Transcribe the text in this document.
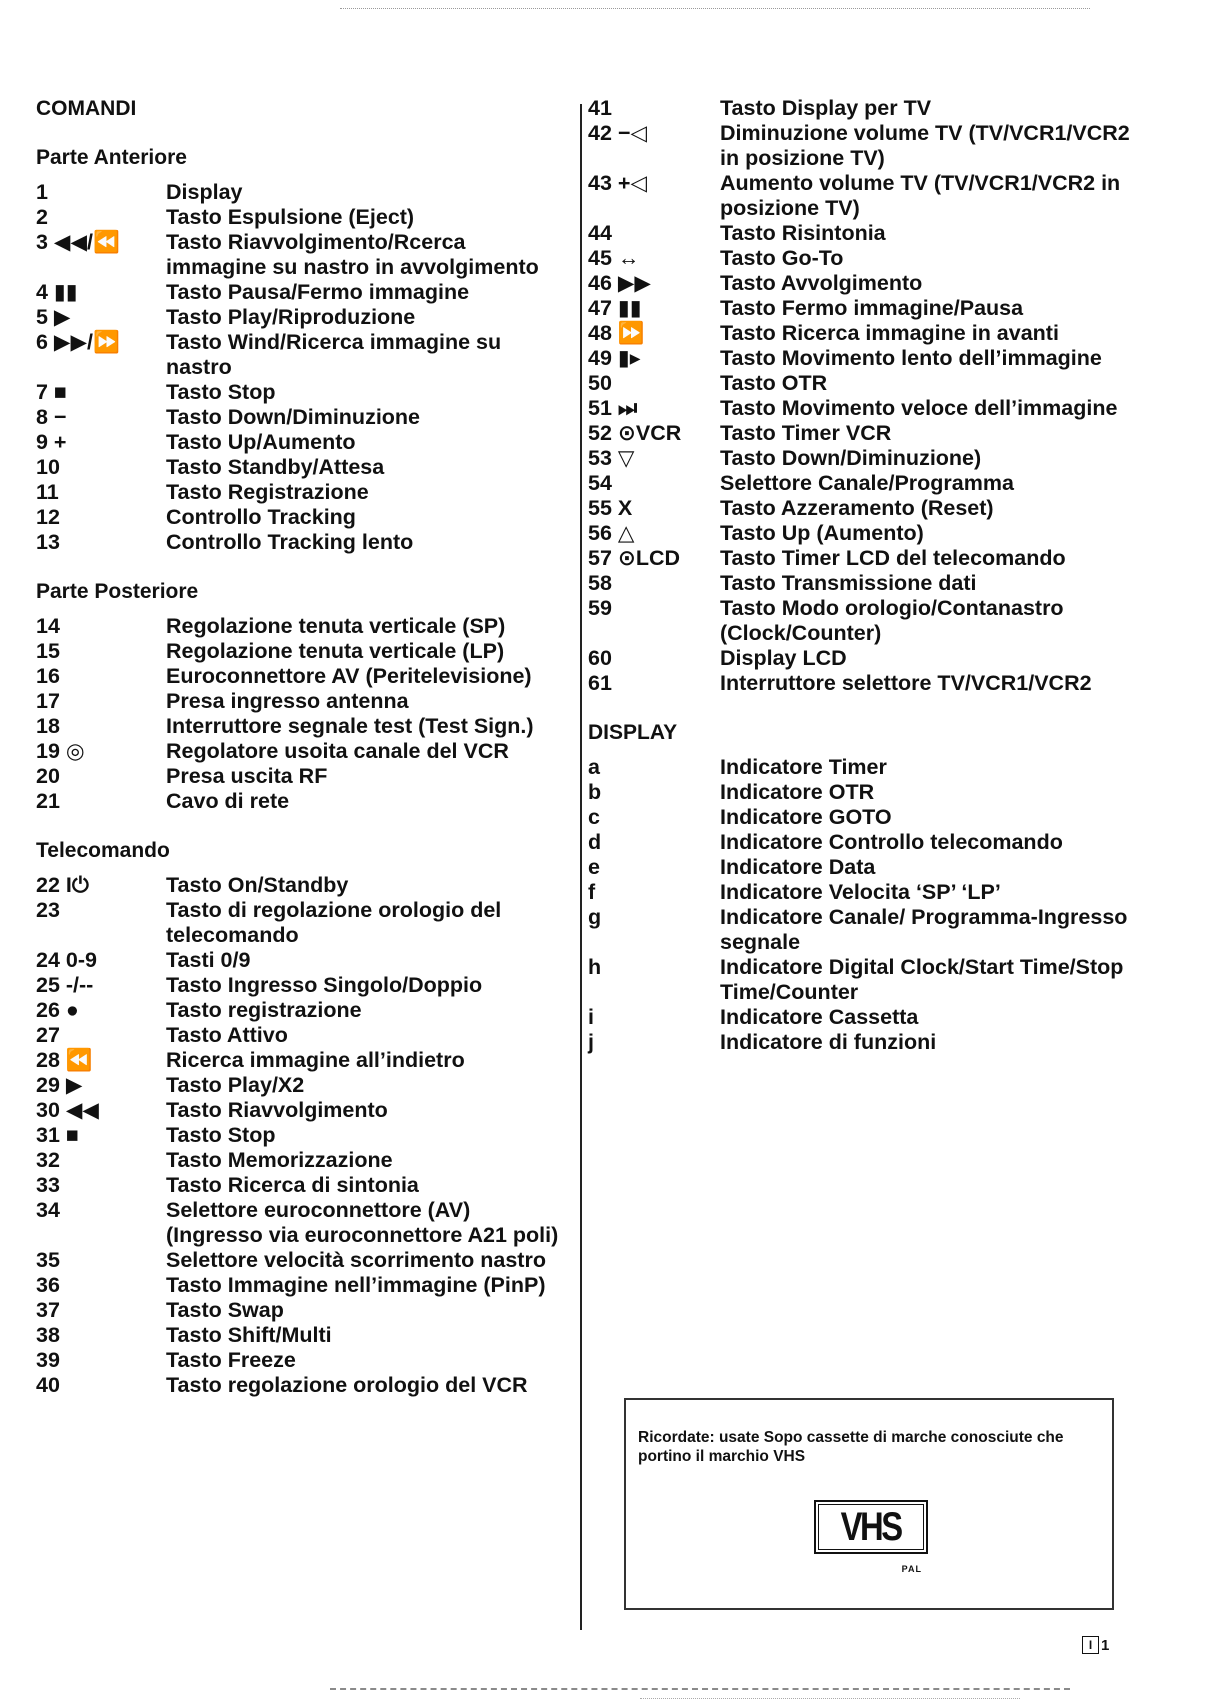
COMANDI
Parte Anteriore
1	Display
2	Tasto Espulsione (Eject)
3 ◀◀/⏪	Tasto Riavvolgimento/Rcerca immagine su nastro in avvolgimento
4 ▮▮	Tasto Pausa/Fermo immagine
5 ▶	Tasto Play/Riproduzione
6 ▶▶/⏩	Tasto Wind/Ricerca immagine su nastro
7 ■	Tasto Stop
8 −	Tasto Down/Diminuzione
9 +	Tasto Up/Aumento
10	Tasto Standby/Attesa
11	Tasto Registrazione
12	Controllo Tracking
13	Controllo Tracking lento
Parte Posteriore
14	Regolazione tenuta verticale (SP)
15	Regolazione tenuta verticale (LP)
16	Euroconnettore AV (Peritelevisione)
17	Presa ingresso antenna
18	Interruttore segnale test (Test Sign.)
19 ◎	Regolatore usoita canale del VCR
20	Presa uscita RF
21	Cavo di rete
Telecomando
22 I⏻	Tasto On/Standby
23	Tasto di regolazione orologio del telecomando
24 0-9	Tasti 0/9
25 -/--	Tasto Ingresso Singolo/Doppio
26 ●	Tasto registrazione
27	Tasto Attivo
28 ⏪	Ricerca immagine all’indietro
29 ▶	Tasto Play/X2
30 ◀◀	Tasto Riavvolgimento
31 ■	Tasto Stop
32	Tasto Memorizzazione
33	Tasto Ricerca di sintonia
34	Selettore euroconnettore (AV) (Ingresso via euroconnettore A21 poli)
35	Selettore velocità scorrimento nastro
36	Tasto Immagine nell’immagine (PinP)
37	Tasto Swap
38	Tasto Shift/Multi
39	Tasto Freeze
40	Tasto regolazione orologio del VCR
41	Tasto Display per TV
42 −◁	Diminuzione volume TV (TV/VCR1/VCR2 in posizione TV)
43 +◁	Aumento volume TV (TV/VCR1/VCR2 in posizione TV)
44	Tasto Risintonia
45 ↔	Tasto Go-To
46 ▶▶	Tasto Avvolgimento
47 ▮▮	Tasto Fermo immagine/Pausa
48 ⏩	Tasto Ricerca immagine in avanti
49 ▮▸	Tasto Movimento lento dell’immagine
50	Tasto OTR
51 ⏭	Tasto Movimento veloce dell’immagine
52 ⊙VCR	Tasto Timer VCR
53 ▽	Tasto Down/Diminuzione)
54	Selettore Canale/Programma
55 X	Tasto Azzeramento (Reset)
56 △	Tasto Up (Aumento)
57 ⊙LCD	Tasto Timer LCD del telecomando
58	Tasto Transmissione dati
59	Tasto Modo orologio/Contanastro (Clock/Counter)
60	Display LCD
61	Interruttore selettore TV/VCR1/VCR2
DISPLAY
a	Indicatore Timer
b	Indicatore OTR
c	Indicatore GOTO
d	Indicatore Controllo telecomando
e	Indicatore Data
f	Indicatore Velocita ‘SP’ ‘LP’
g	Indicatore Canale/ Programma-Ingresso segnale
h	Indicatore Digital Clock/Start Time/Stop Time/Counter
i	Indicatore Cassetta
j	Indicatore di funzioni
Ricordate: usate Sopo cassette di marche conosciute che portino il marchio VHS
VHS
PAL
I 1
